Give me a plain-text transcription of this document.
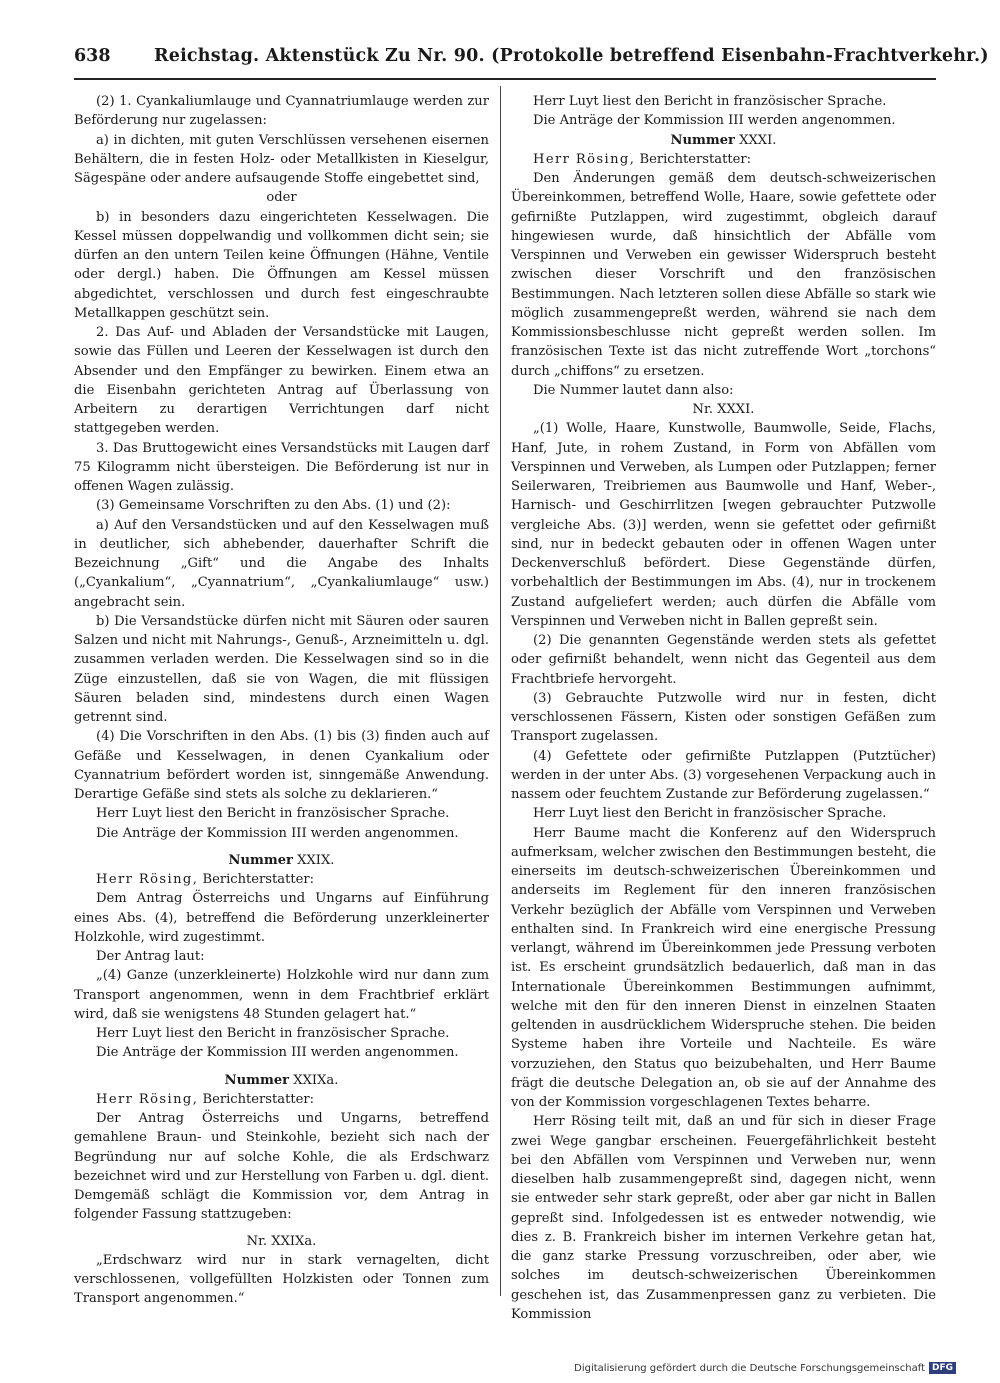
638 Reichstag. Aktenstück Zu Nr. 90. (Protokolle betreffend Eisenbahn-Frachtverkehr.)

(2) 1. Cyankaliumlauge und Cyannatriumlauge werden zur Beförderung nur zugelassen:

a) in dichten, mit guten Verschlüssen versehenen eisernen Behältern, die in festen Holz- oder Metallkisten in Kieselgur, Sägespäne oder andere aufsaugende Stoffe eingebettet sind,

oder

b) in besonders dazu eingerichteten Kesselwagen. Die Kessel müssen doppelwandig und vollkommen dicht sein; sie dürfen an den untern Teilen keine Öffnungen (Hähne, Ventile oder dergl.) haben. Die Öffnungen am Kessel müssen abgedichtet, verschlossen und durch fest eingeschraubte Metallkappen geschützt sein.

2. Das Auf- und Abladen der Versandstücke mit Laugen, sowie das Füllen und Leeren der Kesselwagen ist durch den Absender und den Empfänger zu bewirken. Einem etwa an die Eisenbahn gerichteten Antrag auf Überlassung von Arbeitern zu derartigen Verrichtungen darf nicht stattgegeben werden.

3. Das Bruttogewicht eines Versandstücks mit Laugen darf 75 Kilogramm nicht übersteigen. Die Beförderung ist nur in offenen Wagen zulässig.

(3) Gemeinsame Vorschriften zu den Abs. (1) und (2):

a) Auf den Versandstücken und auf den Kesselwagen muß in deutlicher, sich abhebender, dauerhafter Schrift die Bezeichnung „Gift“ und die Angabe des Inhalts („Cyankalium“, „Cyannatrium“, „Cyankaliumlauge“ usw.) angebracht sein.

b) Die Versandstücke dürfen nicht mit Säuren oder sauren Salzen und nicht mit Nahrungs-, Genuß-, Arzneimitteln u. dgl. zusammen verladen werden. Die Kesselwagen sind so in die Züge einzustellen, daß sie von Wagen, die mit flüssigen Säuren beladen sind, mindestens durch einen Wagen getrennt sind.

(4) Die Vorschriften in den Abs. (1) bis (3) finden auch auf Gefäße und Kesselwagen, in denen Cyankalium oder Cyannatrium befördert worden ist, sinngemäße Anwendung. Derartige Gefäße sind stets als solche zu deklarieren.“

Herr Luyt liest den Bericht in französischer Sprache.

Die Anträge der Kommission III werden angenommen.

Nummer XXIX.

Herr Rösing, Berichterstatter:

Dem Antrag Österreichs und Ungarns auf Einführung eines Abs. (4), betreffend die Beförderung unzerkleinerter Holzkohle, wird zugestimmt.

Der Antrag laut:

„(4) Ganze (unzerkleinerte) Holzkohle wird nur dann zum Transport angenommen, wenn in dem Frachtbrief erklärt wird, daß sie wenigstens 48 Stunden gelagert hat.“

Herr Luyt liest den Bericht in französischer Sprache.

Die Anträge der Kommission III werden angenommen.

Nummer XXIXa.

Herr Rösing, Berichterstatter:

Der Antrag Österreichs und Ungarns, betreffend gemahlene Braun- und Steinkohle, bezieht sich nach der Begründung nur auf solche Kohle, die als Erdschwarz bezeichnet wird und zur Herstellung von Farben u. dgl. dient. Demgemäß schlägt die Kommission vor, dem Antrag in folgender Fassung stattzugeben:

Nr. XXIXa.

„Erdschwarz wird nur in stark vernagelten, dicht verschlossenen, vollgefüllten Holzkisten oder Tonnen zum Transport angenommen.“

Herr Luyt liest den Bericht in französischer Sprache.

Die Anträge der Kommission III werden angenommen.

Nummer XXXI.

Herr Rösing, Berichterstatter:

Den Änderungen gemäß dem deutsch-schweizerischen Übereinkommen, betreffend Wolle, Haare, sowie gefettete oder gefirnißte Putzlappen, wird zugestimmt, obgleich darauf hingewiesen wurde, daß hinsichtlich der Abfälle vom Verspinnen und Verweben ein gewisser Widerspruch besteht zwischen dieser Vorschrift und den französischen Bestimmungen. Nach letzteren sollen diese Abfälle so stark wie möglich zusammengepreßt werden, während sie nach dem Kommissionsbeschlusse nicht gepreßt werden sollen. Im französischen Texte ist das nicht zutreffende Wort „torchons“ durch „chiffons“ zu ersetzen.

Die Nummer lautet dann also:

Nr. XXXI.

„(1) Wolle, Haare, Kunstwolle, Baumwolle, Seide, Flachs, Hanf, Jute, in rohem Zustand, in Form von Abfällen vom Verspinnen und Verweben, als Lumpen oder Putzlappen; ferner Seilerwaren, Treibriemen aus Baumwolle und Hanf, Weber-, Harnisch- und Geschirrlitzen [wegen gebrauchter Putzwolle vergleiche Abs. (3)] werden, wenn sie gefettet oder gefirnißt sind, nur in bedeckt gebauten oder in offenen Wagen unter Deckenverschluß befördert. Diese Gegenstände dürfen, vorbehaltlich der Bestimmungen im Abs. (4), nur in trockenem Zustand aufgeliefert werden; auch dürfen die Abfälle vom Verspinnen und Verweben nicht in Ballen gepreßt sein.

(2) Die genannten Gegenstände werden stets als gefettet oder gefirnißt behandelt, wenn nicht das Gegenteil aus dem Frachtbriefe hervorgeht.

(3) Gebrauchte Putzwolle wird nur in festen, dicht verschlossenen Fässern, Kisten oder sonstigen Gefäßen zum Transport zugelassen.

(4) Gefettete oder gefirnißte Putzlappen (Putztücher) werden in der unter Abs. (3) vorgesehenen Verpackung auch in nassem oder feuchtem Zustande zur Beförderung zugelassen.“

Herr Luyt liest den Bericht in französischer Sprache.

Herr Baume macht die Konferenz auf den Widerspruch aufmerksam, welcher zwischen den Bestimmungen besteht, die einerseits im deutsch-schweizerischen Übereinkommen und anderseits im Reglement für den inneren französischen Verkehr bezüglich der Abfälle vom Verspinnen und Verweben enthalten sind. In Frankreich wird eine energische Pressung verlangt, während im Übereinkommen jede Pressung verboten ist. Es erscheint grundsätzlich bedauerlich, daß man in das Internationale Übereinkommen Bestimmungen aufnimmt, welche mit den für den inneren Dienst in einzelnen Staaten geltenden in ausdrücklichem Widerspruche stehen. Die beiden Systeme haben ihre Vorteile und Nachteile. Es wäre vorzuziehen, den Status quo beizubehalten, und Herr Baume frägt die deutsche Delegation an, ob sie auf der Annahme des von der Kommission vorgeschlagenen Textes beharre.

Herr Rösing teilt mit, daß an und für sich in dieser Frage zwei Wege gangbar erscheinen. Feuergefährlichkeit besteht bei den Abfällen vom Verspinnen und Verweben nur, wenn dieselben halb zusammengepreßt sind, dagegen nicht, wenn sie entweder sehr stark gepreßt, oder aber gar nicht in Ballen gepreßt sind. Infolgedessen ist es entweder notwendig, wie dies z. B. Frankreich bisher im internen Verkehre getan hat, die ganz starke Pressung vorzuschreiben, oder aber, wie solches im deutsch-schweizerischen Übereinkommen geschehen ist, das Zusammenpressen ganz zu verbieten. Die Kommission

Digitalisierung gefördert durch die Deutsche Forschungsgemeinschaft DFG
